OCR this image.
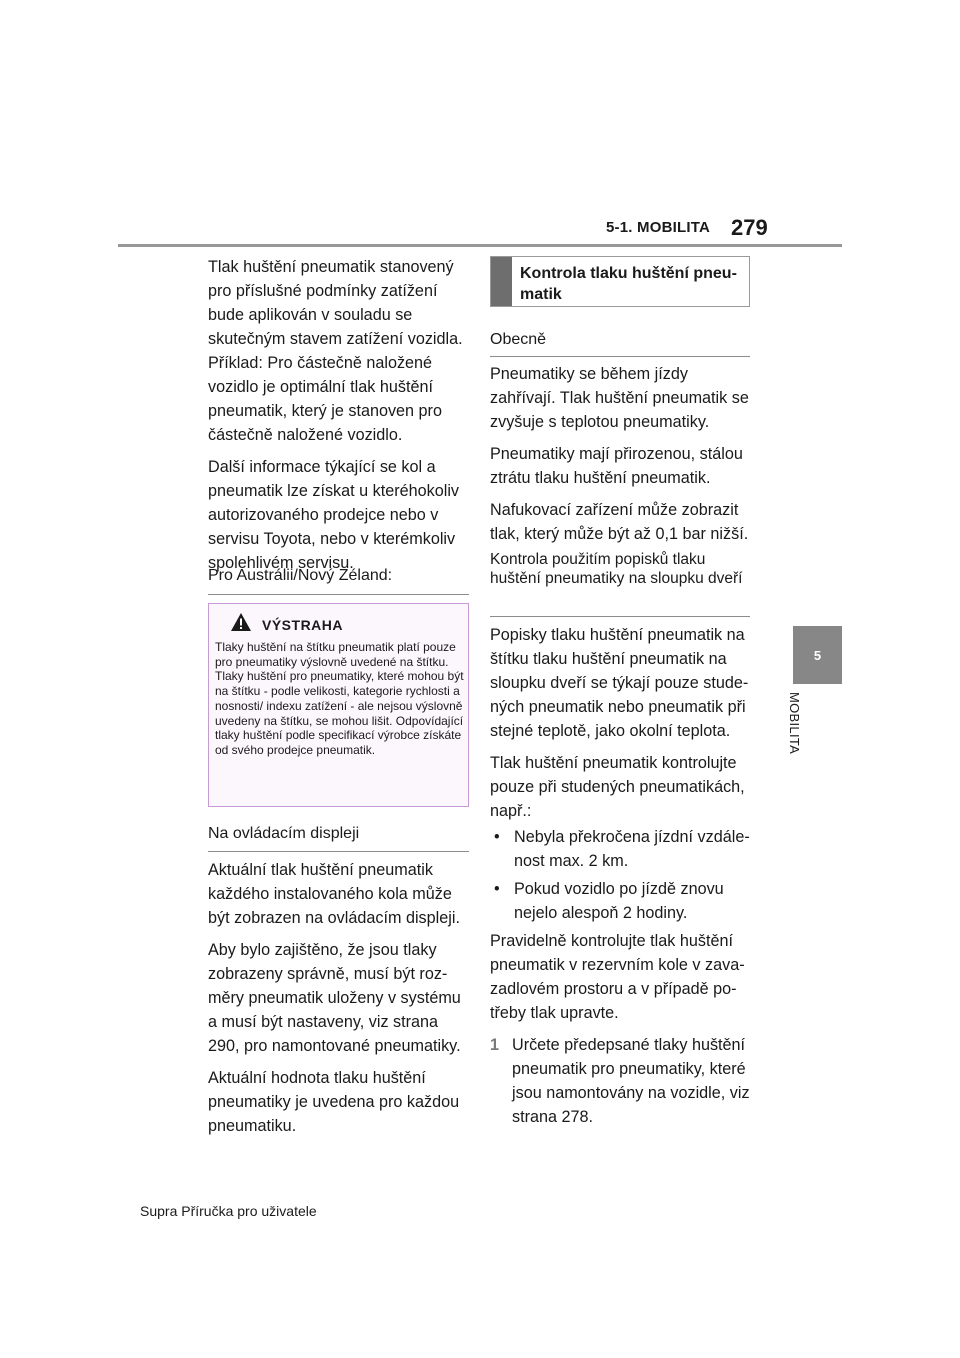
5-1. MOBILITA 279
5
MOBILITA

Tlak huštění pneumatik stanovený pro příslušné podmínky zatížení bude aplikován v souladu se skutečným stavem zatížení vozidla. Příklad: Pro částečně naložené vozidlo je optimální tlak huštění pneumatik, který je stanoven pro částečně naložené vozidlo.

Další informace týkající se kol a pneumatik lze získat u kteréhokoliv autorizovaného prodejce nebo v servisu Toyota, nebo v kterémkoliv spolehlivém servisu.

Pro Austrálii/Nový Zéland:
VÝSTRAHA
Tlaky huštění na štítku pneumatik platí pouze pro pneumatiky výslovně uvedené na štítku. Tlaky huštění pro pneumatiky, které mohou být na štítku - podle velikosti, kategorie rychlosti a nosnosti/ indexu zatížení - ale nejsou výslovně uvedeny na štítku, se mohou lišit. Odpovídající tlaky huštění podle specifikací výrobce získáte od svého prodejce pneumatik.
Na ovládacím displeji

Aktuální tlak huštění pneumatik každého instalovaného kola může být zobrazen na ovládacím displeji.

Aby bylo zajištěno, že jsou tlaky zobrazeny správně, musí být rozměry pneumatik uloženy v systému a musí být nastaveny, viz strana 290, pro namontované pneumatiky.

Aktuální hodnota tlaku huštění pneumatiky je uvedena pro každou pneumatiku.

Kontrola tlaku huštění pneumatik
Obecně

Pneumatiky se během jízdy zahřívají. Tlak huštění pneumatik se zvyšuje s teplotou pneumatiky.

Pneumatiky mají přirozenou, stálou ztrátu tlaku huštění pneumatik.

Nafukovací zařízení může zobrazit tlak, který může být až 0,1 bar nižší.

Kontrola použitím popisků tlaku huštění pneumatiky na sloupku dveří

Popisky tlaku huštění pneumatik na štítku tlaku huštění pneumatik na sloupku dveří se týkají pouze studených pneumatik nebo pneumatik při stejné teplotě, jako okolní teplota.

Tlak huštění pneumatik kontrolujte pouze při studených pneumatikách, např.:

• Nebyla překročena jízdní vzdálenost max. 2 km.
• Pokud vozidlo po jízdě znovu nejelo alespoň 2 hodiny.

Pravidelně kontrolujte tlak huštění pneumatik v rezervním kole v zavazadlovém prostoru a v případě potřeby tlak upravte.

1 Určete předepsané tlaky huštění pneumatik pro pneumatiky, které jsou namontovány na vozidle, viz strana 278.
Supra Příručka pro uživatele
